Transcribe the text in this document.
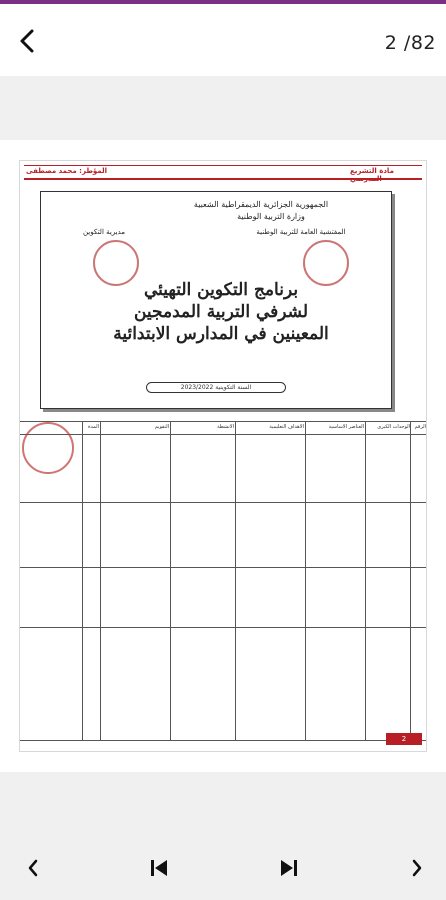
2 /82
مادة التشريع
المؤطر: محمد مصطفى
الجمهورية الجزائرية الديمقراطية الشعبية
وزارة التربية الوطنية
المفتشية العامة للتربية الوطنية
مديرية التكوين
برنامج التكوين التهيئي
لشرفي التربية المدمجين
المعينين في المدارس الابتدائية
السنة التكوينية 2023/2022
الرقم
الوحدات الكبرى
العناصر الأساسية
الأهداف التعليمية
الأنشطة
التقويم
المدة
2
